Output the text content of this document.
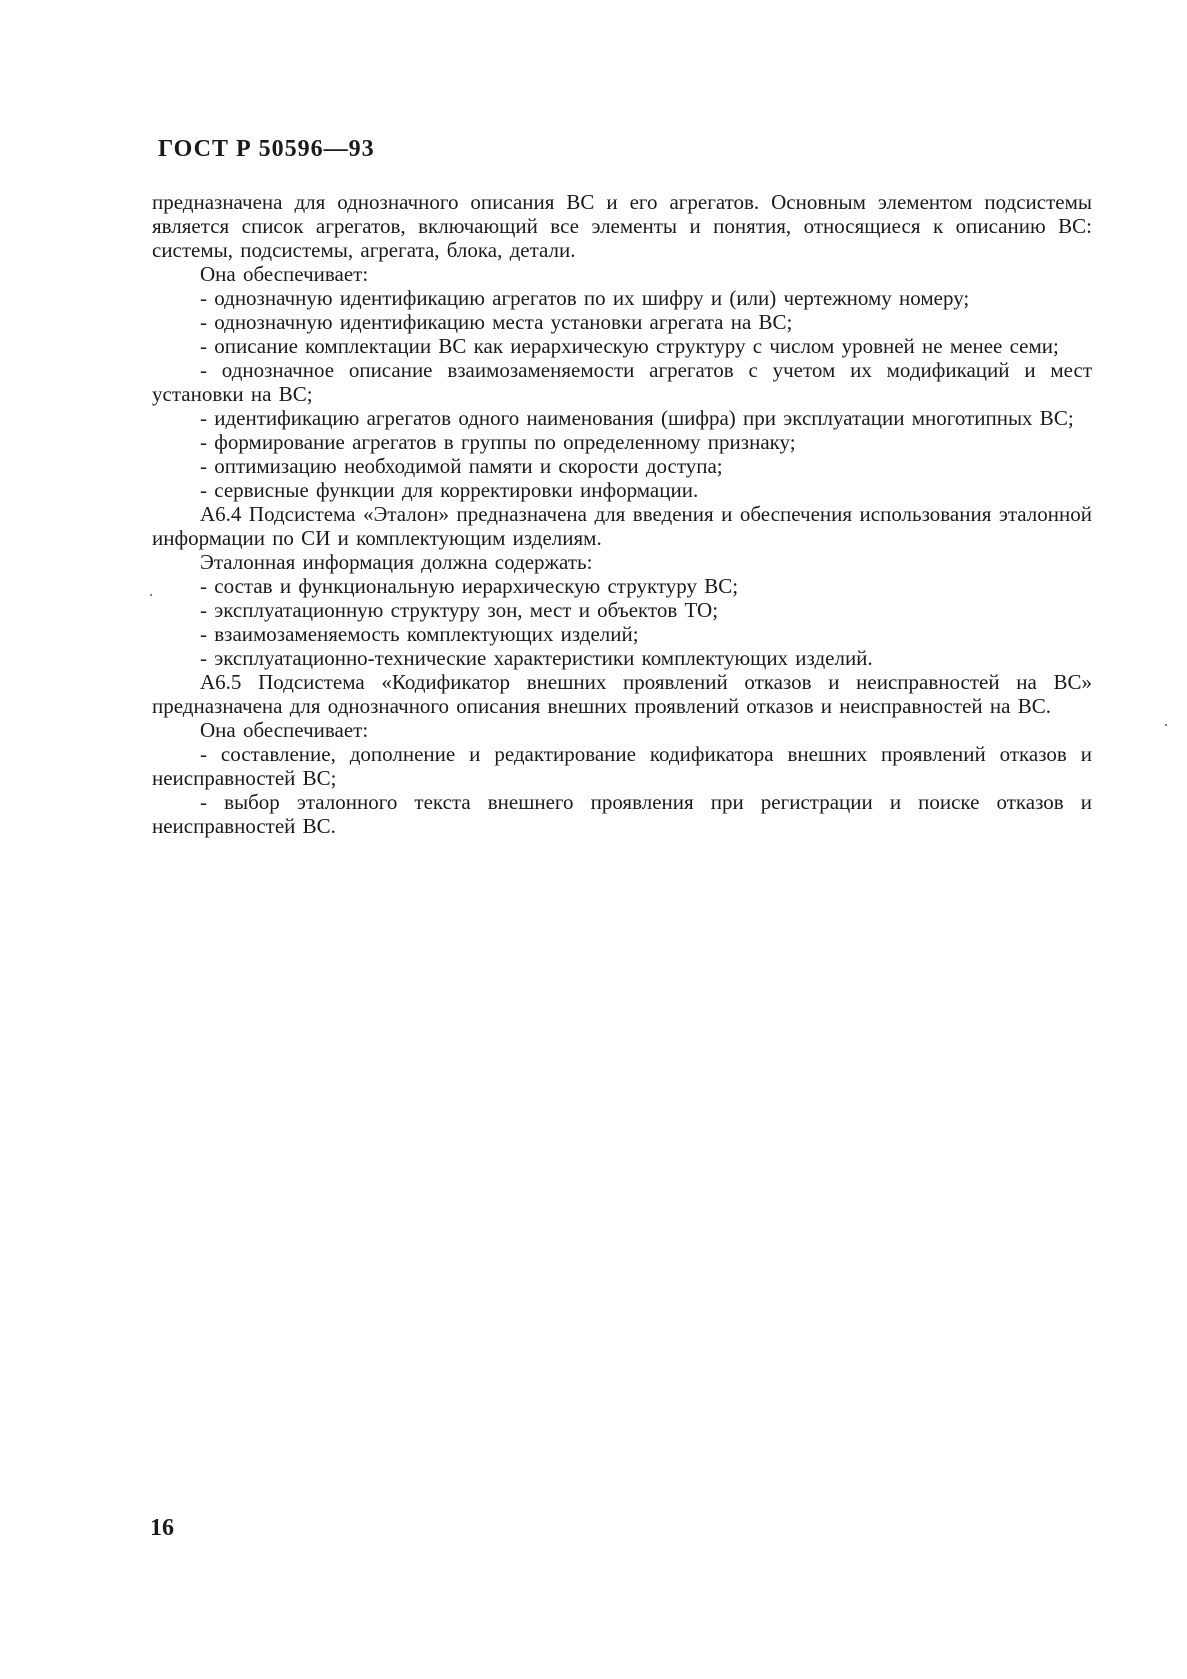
ГОСТ Р 50596—93

предназначена для однозначного описания ВС и его агрегатов. Основным элементом подсистемы является список агрегатов, включающий все элементы и понятия, относящиеся к описанию ВС: системы, подсистемы, агрегата, блока, детали.

Она обеспечивает:

- однозначную идентификацию агрегатов по их шифру и (или) чертежному номеру;

- однозначную идентификацию места установки агрегата на ВС;

- описание комплектации ВС как иерархическую структуру с числом уровней не менее семи;

- однозначное описание взаимозаменяемости агрегатов с учетом их модификаций и мест установки на ВС;

- идентификацию агрегатов одного наименования (шифра) при эксплуатации многотипных ВС;

- формирование агрегатов в группы по определенному признаку;

- оптимизацию необходимой памяти и скорости доступа;

- сервисные функции для корректировки информации.

А6.4 Подсистема «Эталон» предназначена для введения и обеспечения использования эталонной информации по СИ и комплектующим изделиям.

Эталонная информация должна содержать:

- состав и функциональную иерархическую структуру ВС;

- эксплуатационную структуру зон, мест и объектов ТО;

- взаимозаменяемость комплектующих изделий;

- эксплуатационно-технические характеристики комплектующих изделий.

А6.5 Подсистема «Кодификатор внешних проявлений отказов и неисправностей на ВС» предназначена для однозначного описания внешних проявлений отказов и неисправностей на ВС.

Она обеспечивает:

- составление, дополнение и редактирование кодификатора внешних проявлений отказов и неисправностей ВС;

- выбор эталонного текста внешнего проявления при регистрации и поиске отказов и неисправностей ВС.

16
